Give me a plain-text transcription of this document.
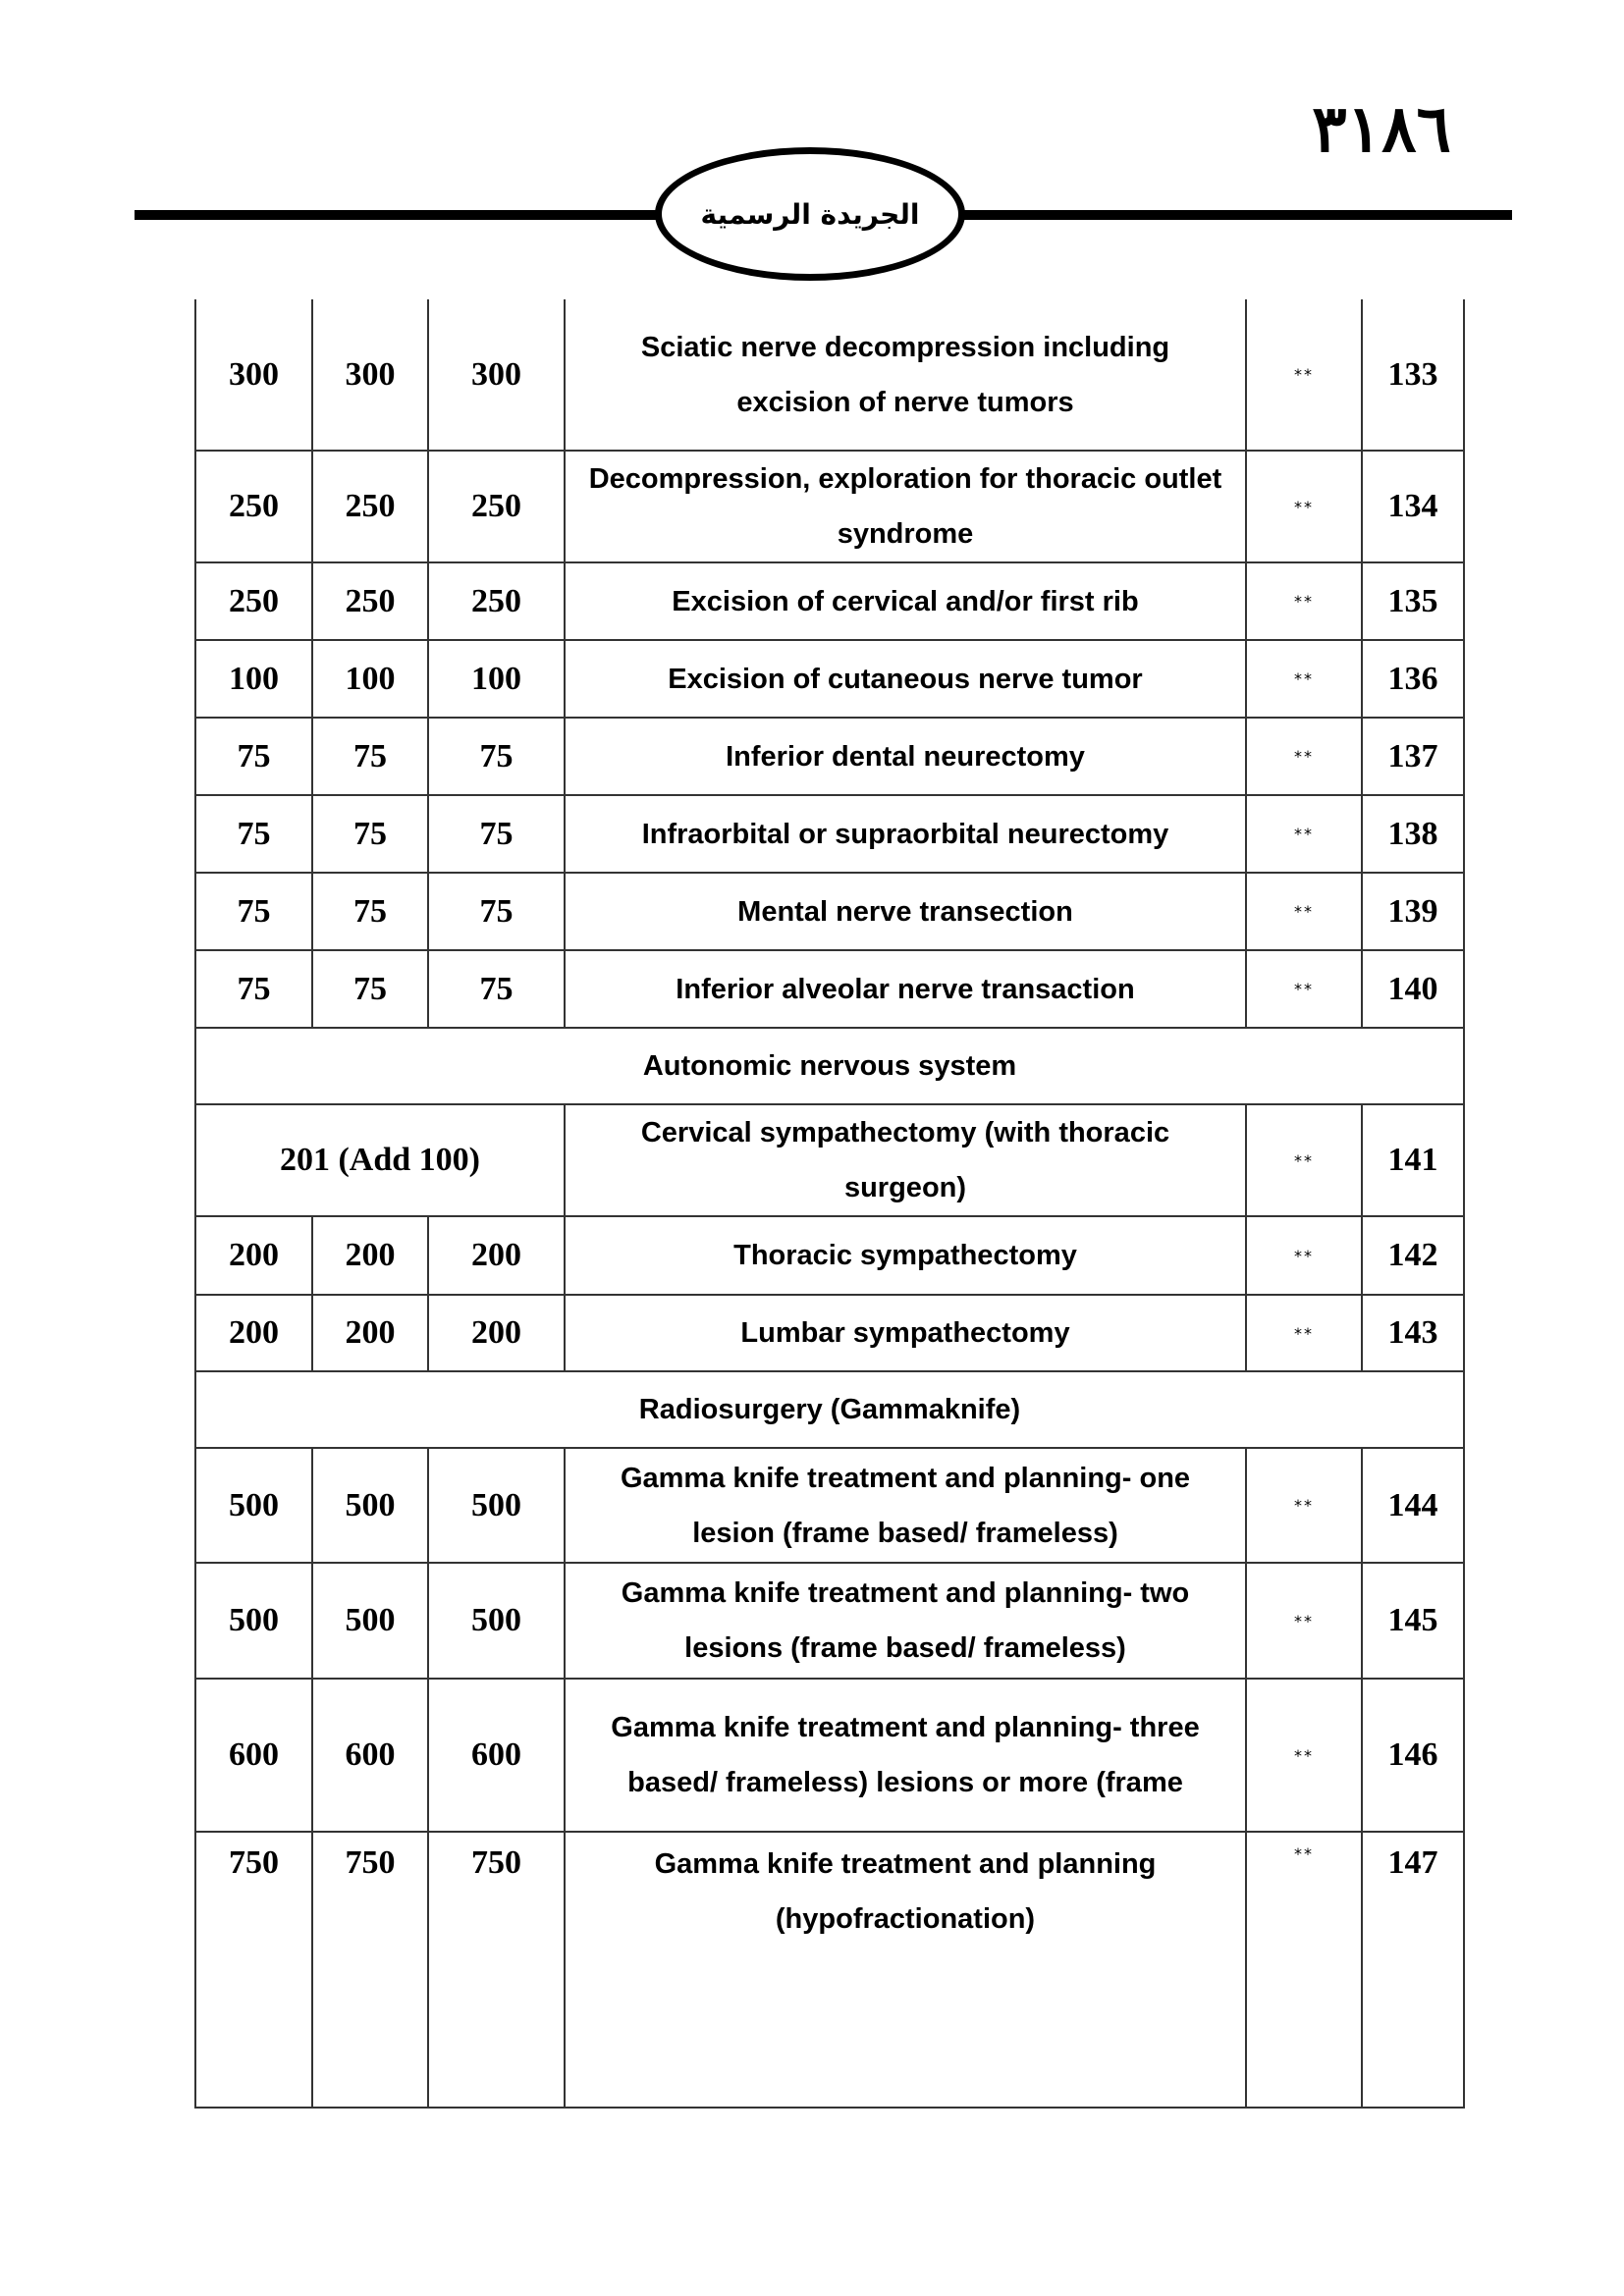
٣١٨٦
الجريدة الرسمية
300	300	300	Sciatic nerve decompression including excision of nerve tumors	**	133
250	250	250	Decompression, exploration for thoracic outlet syndrome	**	134
250	250	250	Excision of cervical and/or first rib	**	135
100	100	100	Excision of cutaneous nerve tumor	**	136
75	75	75	Inferior dental neurectomy	**	137
75	75	75	Infraorbital or supraorbital neurectomy	**	138
75	75	75	Mental nerve transection	**	139
75	75	75	Inferior alveolar nerve transaction	**	140
Autonomic nervous system					
201 (Add 100)			Cervical sympathectomy (with thoracic surgeon)	**	141
200	200	200	Thoracic sympathectomy	**	142
200	200	200	Lumbar sympathectomy	**	143
Radiosurgery (Gammaknife)					
500	500	500	Gamma knife treatment and planning- one lesion (frame based/ frameless)	**	144
500	500	500	Gamma knife treatment and planning- two lesions (frame based/ frameless)	**	145
600	600	600	Gamma knife treatment and planning- three based/ frameless) lesions or more (frame	**	146
750	750	750	Gamma knife treatment and planning (hypofractionation)	**	147
